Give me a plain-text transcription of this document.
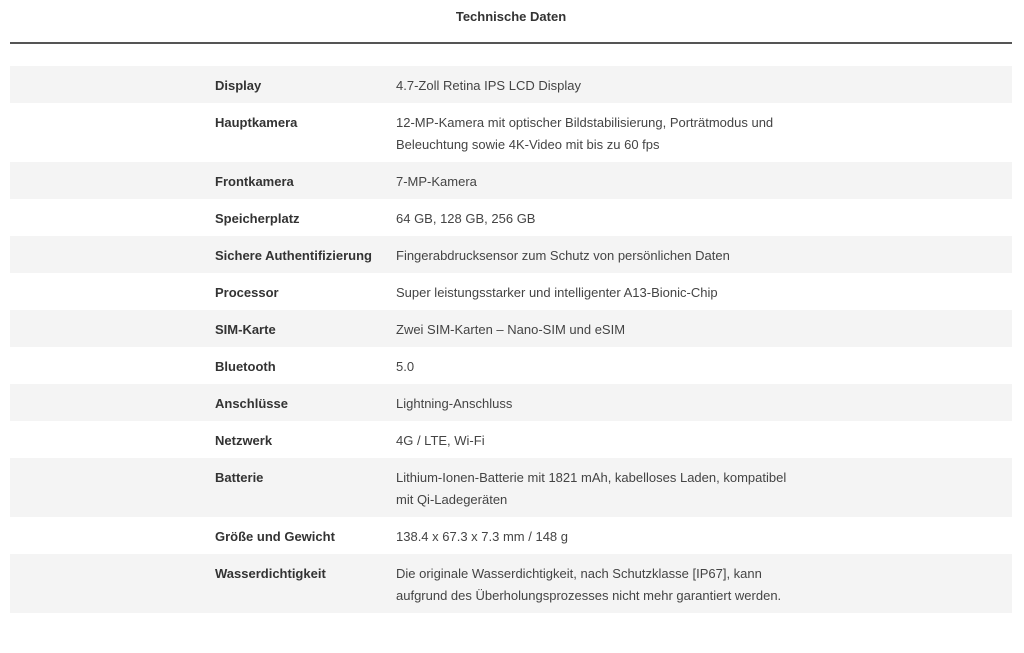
Technische Daten
	Display	4.7-Zoll Retina IPS LCD Display	
	Hauptkamera	12-MP-Kamera mit optischer Bildstabilisierung, Porträtmodus und Beleuchtung sowie 4K-Video mit bis zu 60 fps	
	Frontkamera	7-MP-Kamera	
	Speicherplatz	64 GB, 128 GB, 256 GB	
	Sichere Authentifizierung	Fingerabdrucksensor zum Schutz von persönlichen Daten	
	Processor	Super leistungsstarker und intelligenter A13-Bionic-Chip	
	SIM-Karte	Zwei SIM-Karten – Nano-SIM und eSIM	
	Bluetooth	5.0	
	Anschlüsse	Lightning-Anschluss	
	Netzwerk	4G / LTE, Wi-Fi	
	Batterie	Lithium-Ionen-Batterie mit 1821 mAh, kabelloses Laden, kompatibel mit Qi-Ladegeräten	
	Größe und Gewicht	138.4 x 67.3 x 7.3 mm / 148 g	
	Wasserdichtigkeit	Die originale Wasserdichtigkeit, nach Schutzklasse [IP67], kann aufgrund des Überholungsprozesses nicht mehr garantiert werden.	
